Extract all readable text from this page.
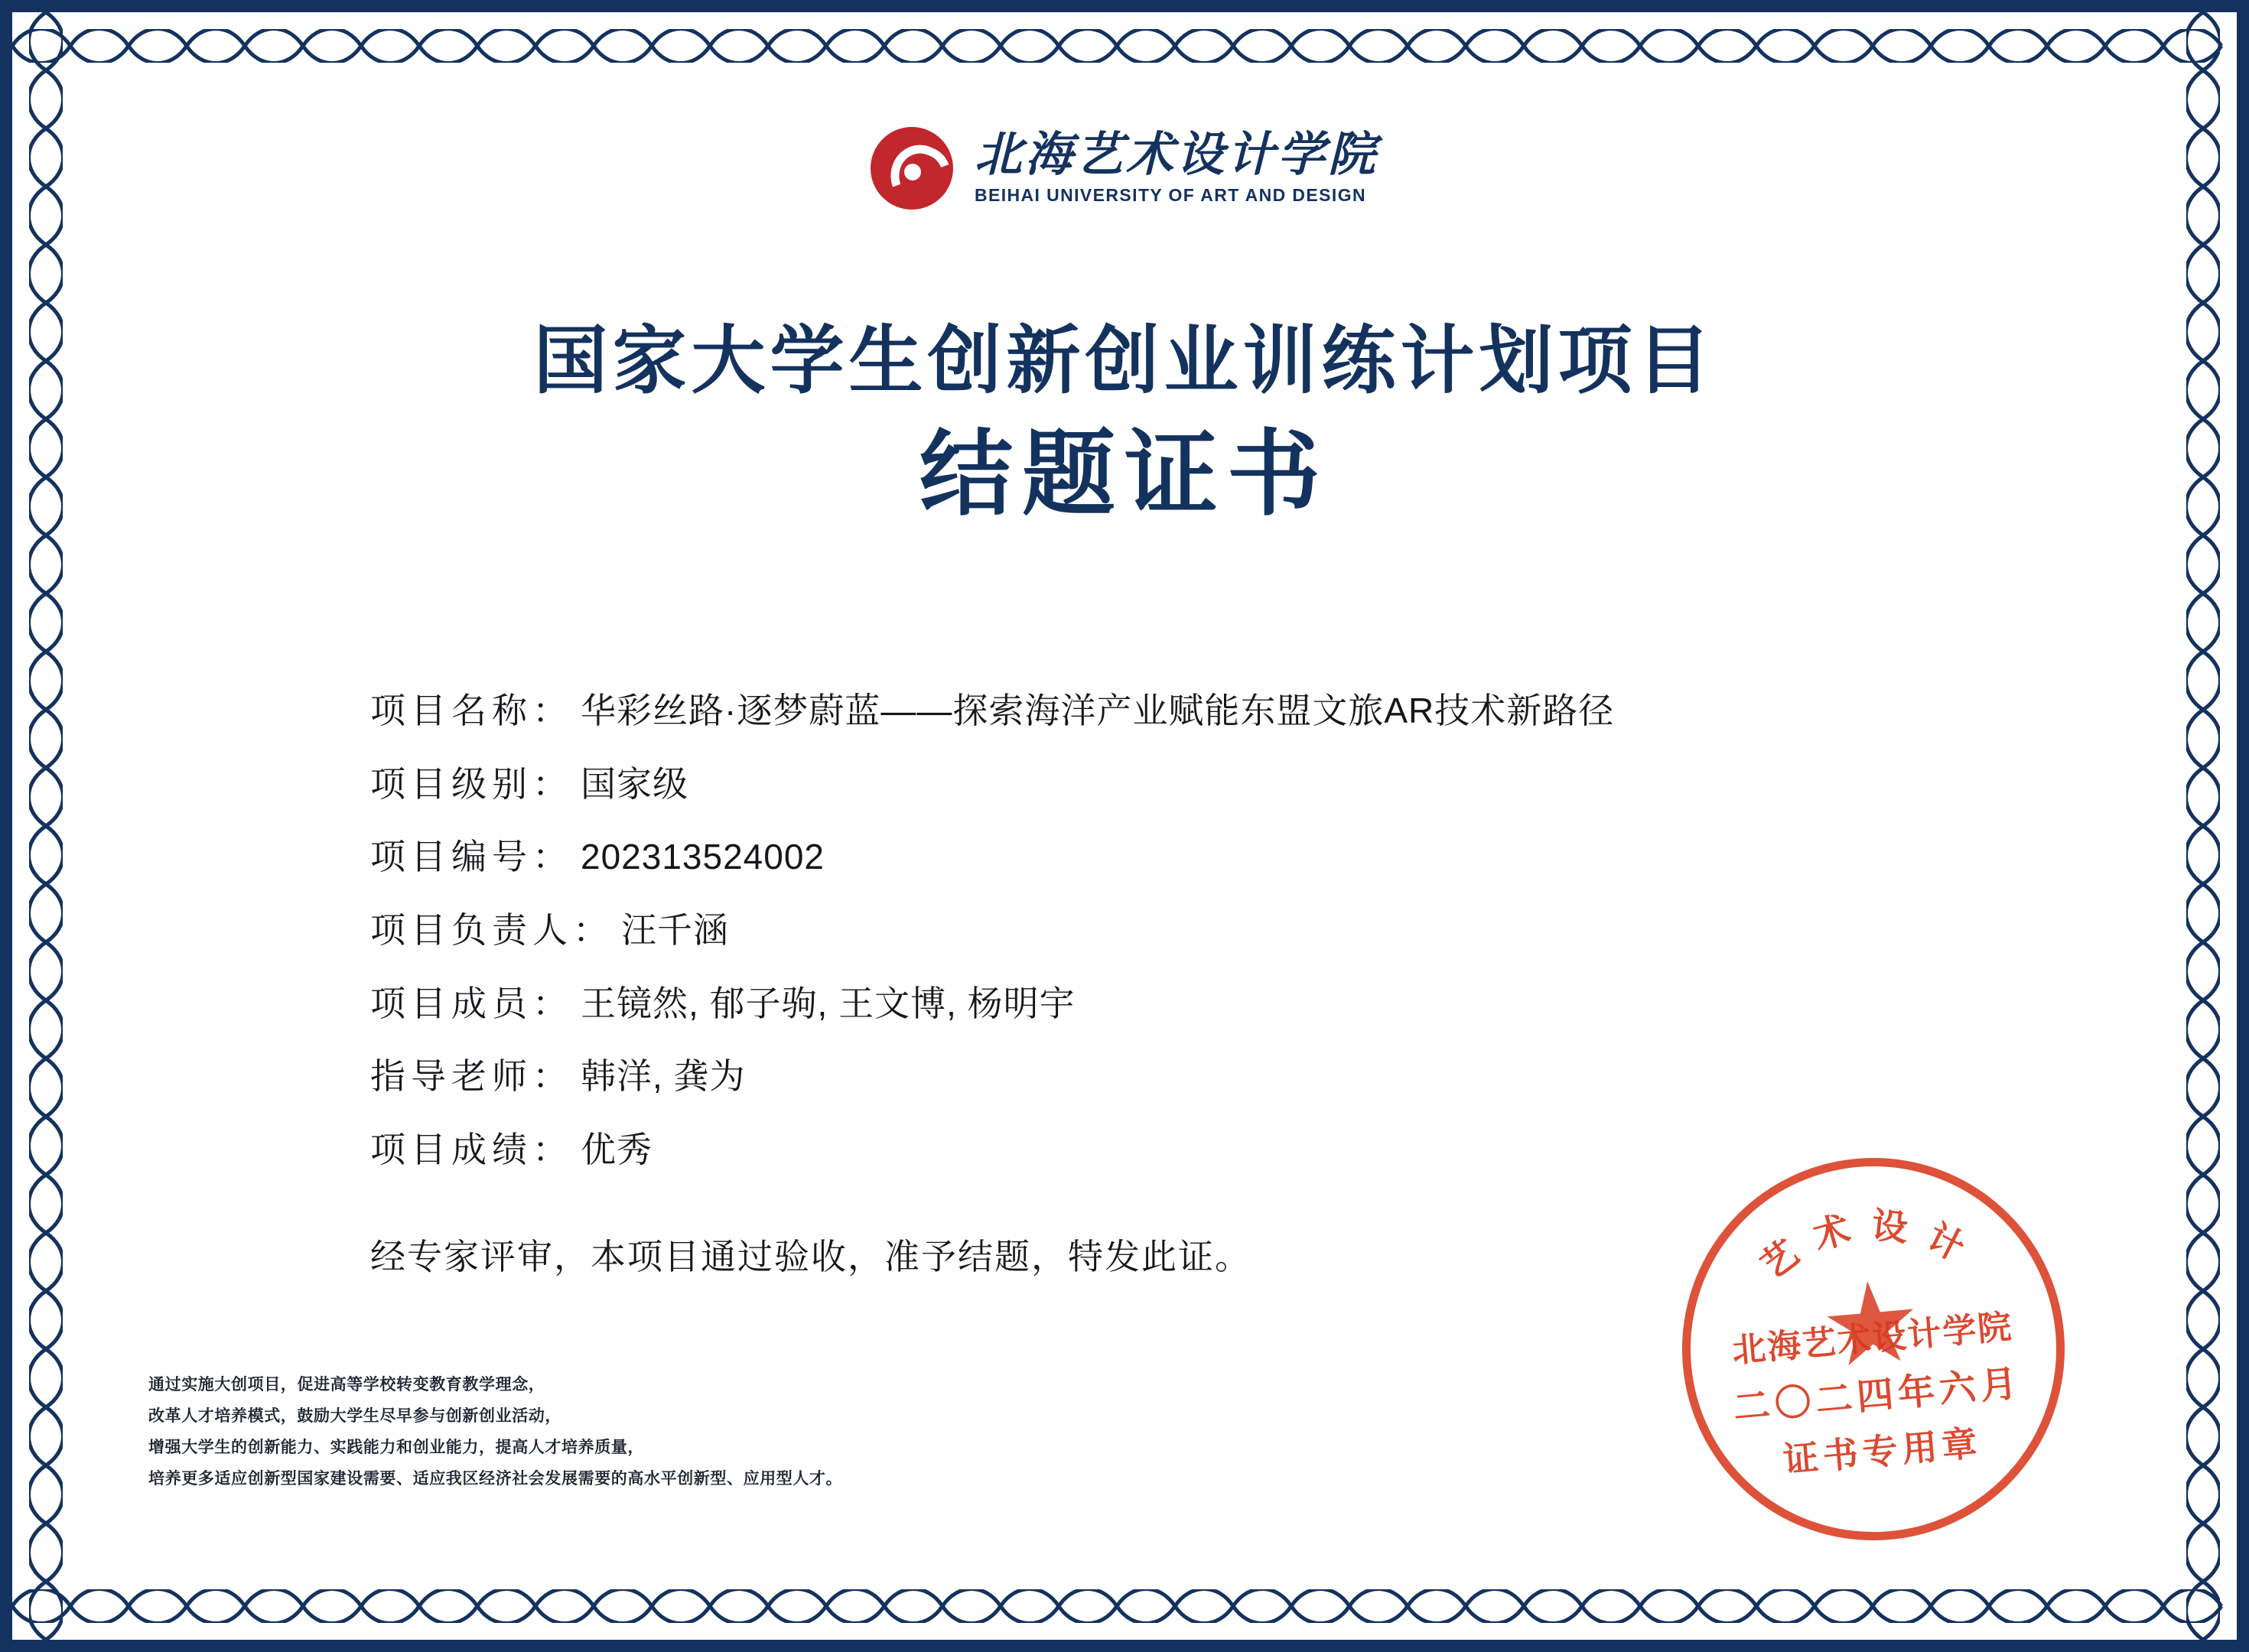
北海艺术设计学院
BEIHAI UNIVERSITY OF ART AND DESIGN
国家大学生创新创业训练计划项目
结题证书
项目名称 ： 华彩丝路·逐梦蔚蓝——探索海洋产业赋能东盟文旅AR技术新路径
项目级别 ： 国家级
项目编号 ： 202313524002
项目负责人 ： 汪千涵
项目成员 ： 王镜然, 郁子驹, 王文博, 杨明宇
指导老师 ： 韩洋, 龚为
项目成绩 ： 优秀
经专家评审，本项目通过验收，准予结题，特发此证。
通过实施大创项目，促进高等学校转变教育教学理念，
改革人才培养模式，鼓励大学生尽早参与创新创业活动，
增强大学生的创新能力、实践能力和创业能力，提高人才培养质量，
培养更多适应创新型国家建设需要、适应我区经济社会发展需要的高水平创新型、应用型人才。
艺 术 设 计
北海艺术设计学院
二〇二四年六月
证书专用章
